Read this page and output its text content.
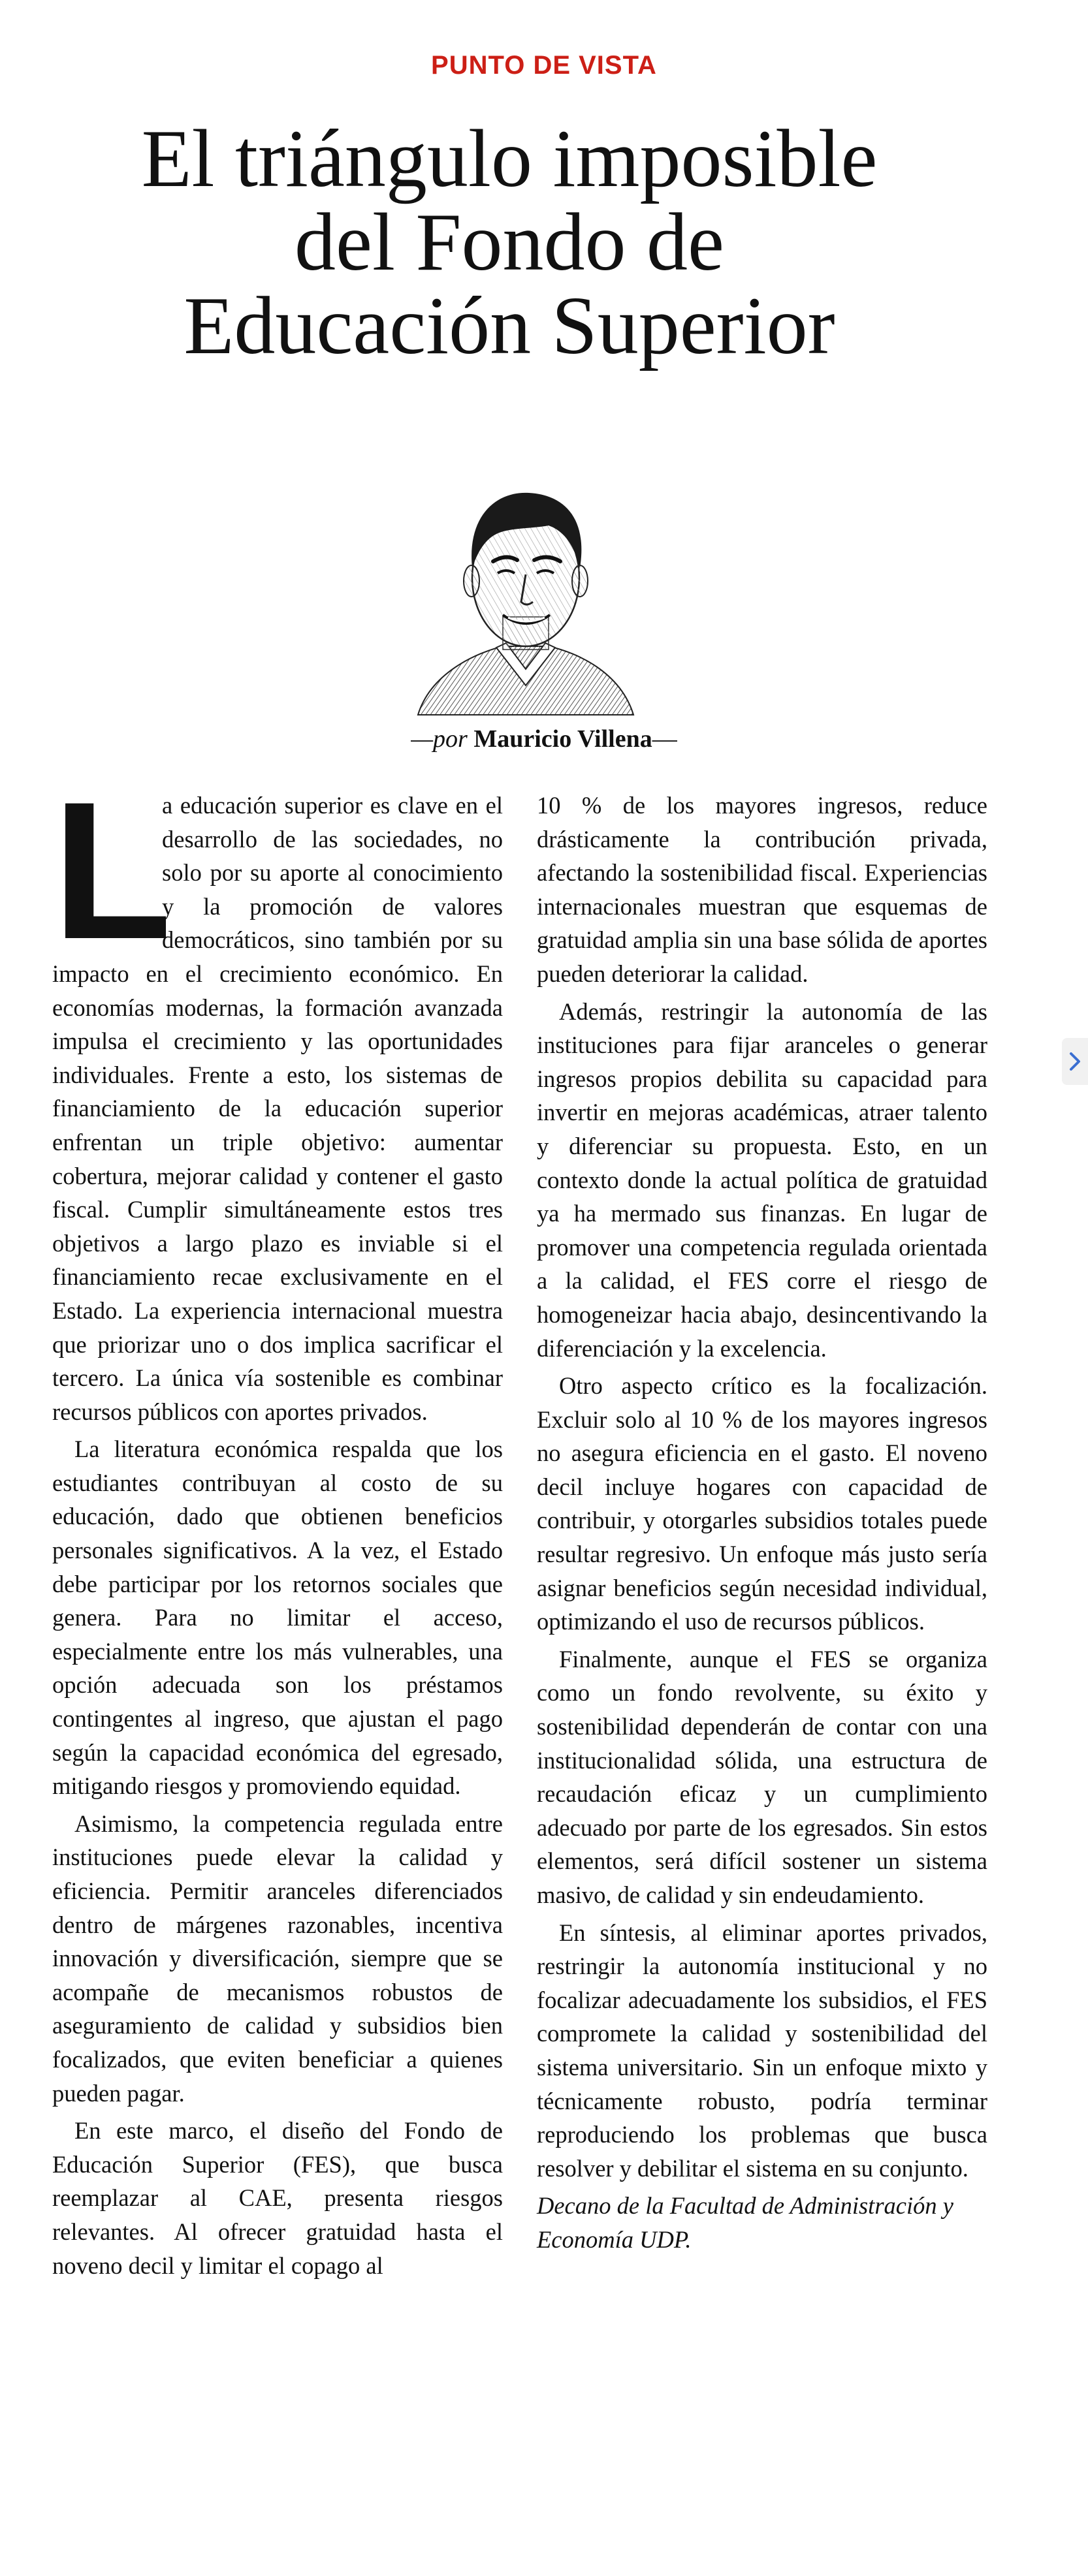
PUNTO DE VISTA
El triángulo imposible
del Fondo de
Educación Superior
—por Mauricio Villena—
L

a educación superior es clave en el desarrollo de las sociedades, no solo por su aporte al conocimiento y la promoción de valores democráticos, sino también por su impacto en el crecimiento económico. En economías modernas, la formación avanzada impulsa el crecimiento y las oportunidades individuales. Frente a esto, los sistemas de financiamiento de la educación superior enfrentan un triple objetivo: aumentar cobertura, mejorar calidad y contener el gasto fiscal. Cumplir simultáneamente estos tres objetivos a largo plazo es inviable si el financiamiento recae exclusivamente en el Estado. La experiencia internacional muestra que priorizar uno o dos implica sacrificar el tercero. La única vía sostenible es combinar recursos públicos con aportes privados.

La literatura económica respalda que los estudiantes contribuyan al costo de su educación, dado que obtienen beneficios personales significativos. A la vez, el Estado debe participar por los retornos sociales que genera. Para no limitar el acceso, especialmente entre los más vulnerables, una opción adecuada son los préstamos contingentes al ingreso, que ajustan el pago según la capacidad económica del egresado, mitigando riesgos y promoviendo equidad.

Asimismo, la competencia regulada entre instituciones puede elevar la calidad y eficiencia. Permitir aranceles diferenciados dentro de márgenes razonables, incentiva innovación y diversificación, siempre que se acompañe de mecanismos robustos de aseguramiento de calidad y subsidios bien focalizados, que eviten beneficiar a quienes pueden pagar.

En este marco, el diseño del Fondo de Educación Superior (FES), que busca reemplazar al CAE, presenta riesgos relevantes. Al ofrecer gratuidad hasta el noveno decil y limitar el copago al

10 % de los mayores ingresos, reduce drásticamente la contribución privada, afectando la sostenibilidad fiscal. Experiencias internacionales muestran que esquemas de gratuidad amplia sin una base sólida de aportes pueden deteriorar la calidad.

Además, restringir la autonomía de las instituciones para fijar aranceles o generar ingresos propios debilita su capacidad para invertir en mejoras académicas, atraer talento y diferenciar su propuesta. Esto, en un contexto donde la actual política de gratuidad ya ha mermado sus finanzas. En lugar de promover una competencia regulada orientada a la calidad, el FES corre el riesgo de homogeneizar hacia abajo, desincentivando la diferenciación y la excelencia.

Otro aspecto crítico es la focalización. Excluir solo al 10 % de los mayores ingresos no asegura eficiencia en el gasto. El noveno decil incluye hogares con capacidad de contribuir, y otorgarles subsidios totales puede resultar regresivo. Un enfoque más justo sería asignar beneficios según necesidad individual, optimizando el uso de recursos públicos.

Finalmente, aunque el FES se organiza como un fondo revolvente, su éxito y sostenibilidad dependerán de contar con una institucionalidad sólida, una estructura de recaudación eficaz y un cumplimiento adecuado por parte de los egresados. Sin estos elementos, será difícil sostener un sistema masivo, de calidad y sin endeudamiento.

En síntesis, al eliminar aportes privados, restringir la autonomía institucional y no focalizar adecuadamente los subsidios, el FES compromete la calidad y sostenibilidad del sistema universitario. Sin un enfoque mixto y técnicamente robusto, podría terminar reproduciendo los problemas que busca resolver y debilitar el sistema en su conjunto.

Decano de la Facultad de Administración y Economía UDP.
